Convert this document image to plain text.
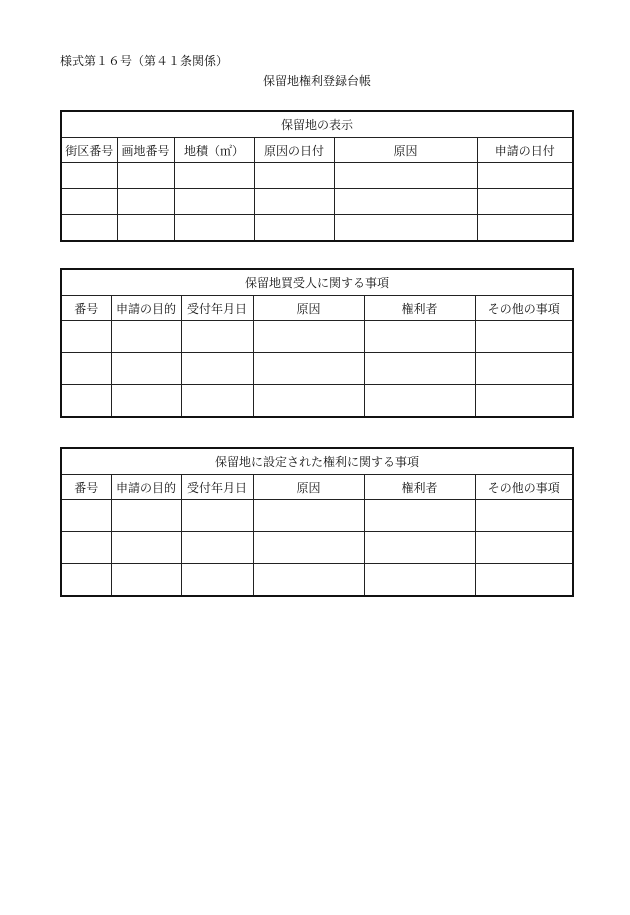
様式第１６号（第４１条関係）
保留地権利登録台帳
保留地の表示					
街区番号	画地番号	地積（㎡）	原因の日付	原因	申請の日付

保留地買受人に関する事項					
番号	申請の目的	受付年月日	原因	権利者	その他の事項

保留地に設定された権利に関する事項					
番号	申請の目的	受付年月日	原因	権利者	その他の事項
